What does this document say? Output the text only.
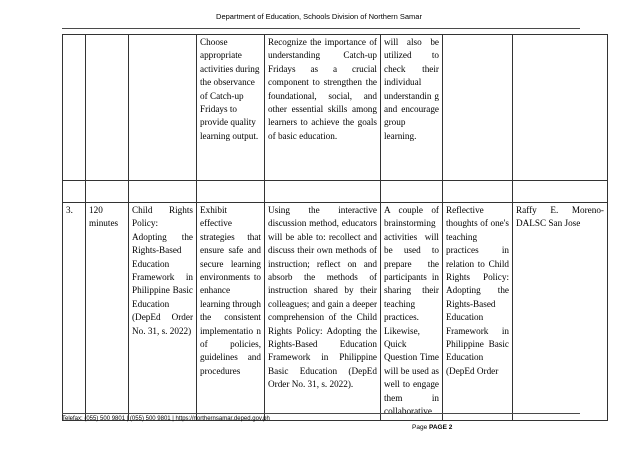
Department of Education, Schools Division of Northern Samar
			Choose appropriate activities during the observance of Catch-up Fridays to provide quality learning output.	Recognize the importance of understanding Catch-up Fridays as a crucial component to strengthen the foundational, social, and other essential skills among learners to achieve the goals of basic education.	will also be utilized to check their individual understandin g and encourage group learning.		

3.	120 minutes	Child Rights Policy: Adopting the Rights-Based Education Framework in Philippine Basic Education (DepEd Order No. 31, s. 2022)	Exhibit effective strategies that ensure safe and secure learning environments to enhance learning through the consistent implementatio n of policies, guidelines and procedures	Using the interactive discussion method, educators will be able to: recollect and discuss their own methods of instruction; reflect on and absorb the methods of instruction shared by their colleagues; and gain a deeper comprehension of the Child Rights Policy: Adopting the Rights-Based Education Framework in Philippine Basic Education (DepEd Order No. 31, s. 2022).	A couple of brainstorming activities will be used to prepare the participants in sharing their teaching practices. Likewise, Quick Question Time will be used as well to engage them in collaborative	Reflective thoughts of one's teaching practices in relation to Child Rights Policy: Adopting the Rights-Based Education Framework in Philippine Basic Education (DepEd Order	Raffy E. Moreno-DALSC San Jose
Telefax: (055) 500 9801 | (055) 500 9801 | https://northernsamar.deped.gov.ph
Page PAGE 2
